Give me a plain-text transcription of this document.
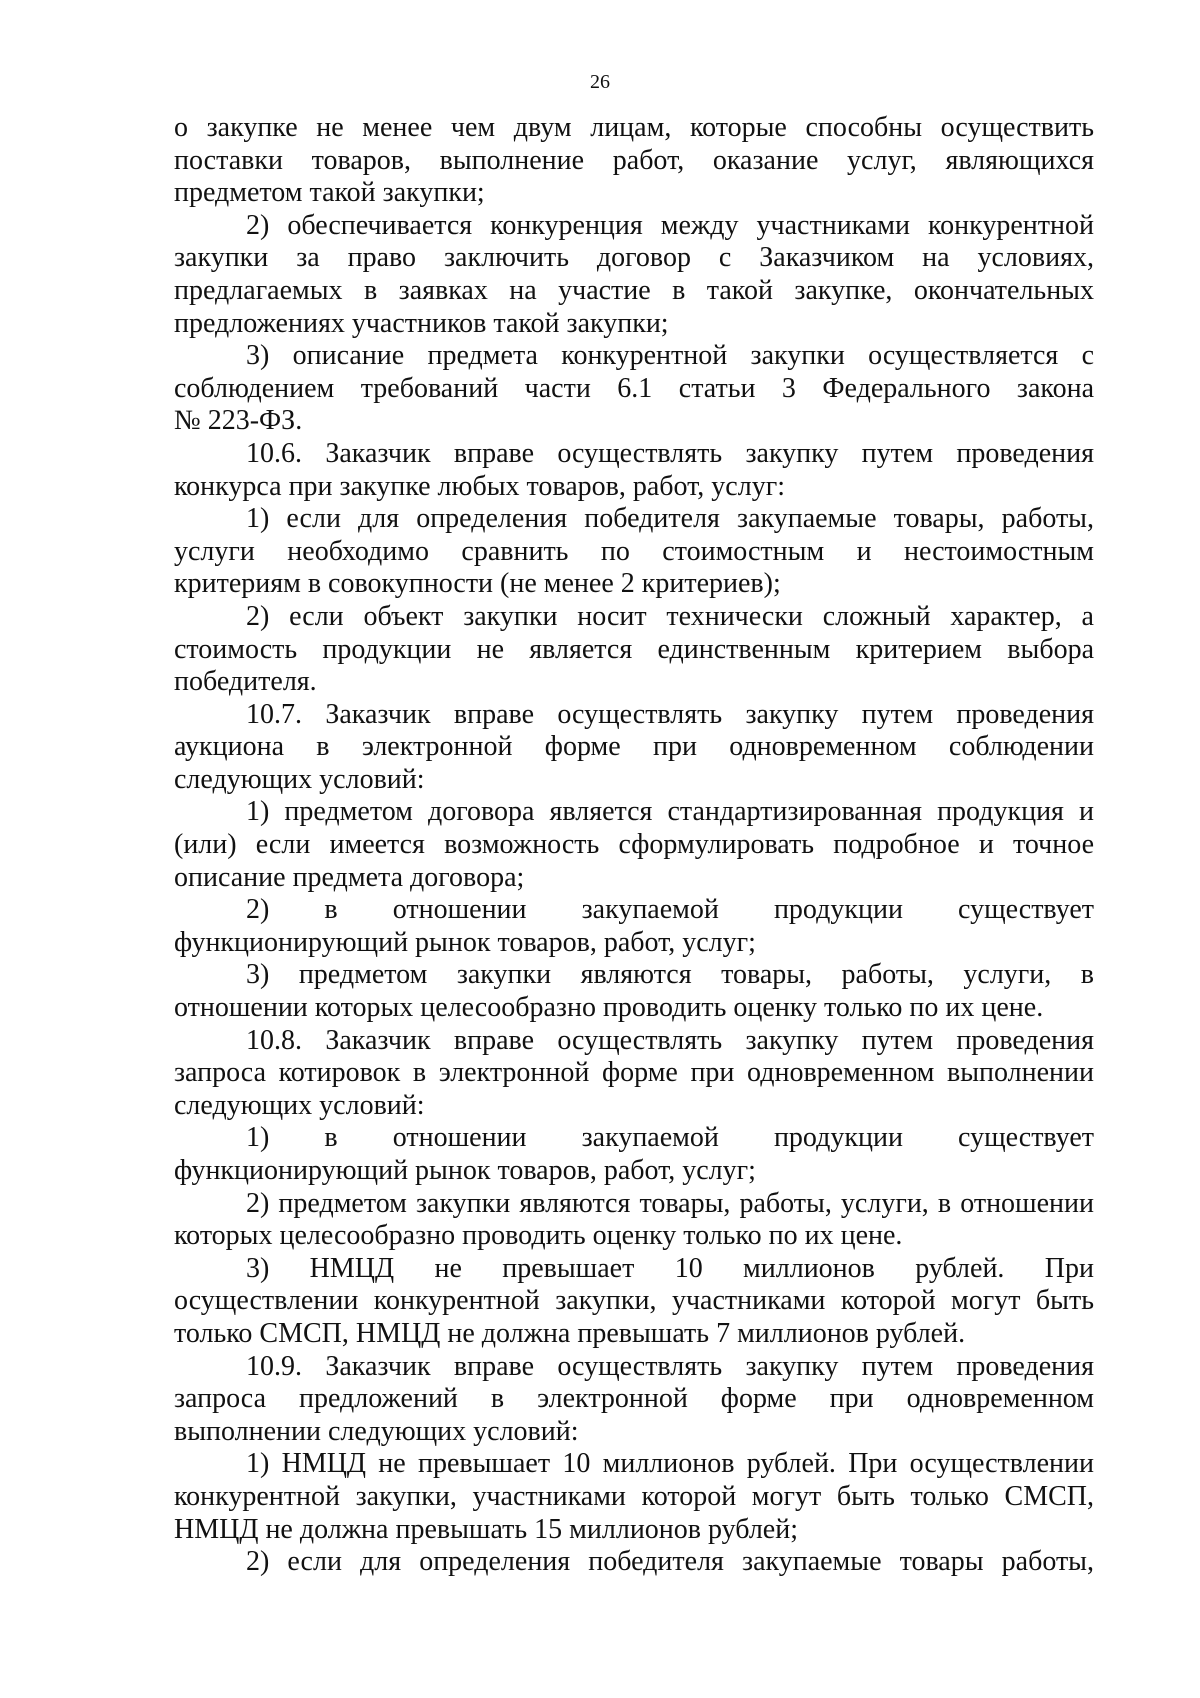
26
о закупке не менее чем двум лицам, которые способны осуществить
поставки товаров, выполнение работ, оказание услуг, являющихся
предметом такой закупки;
2) обеспечивается конкуренция между участниками конкурентной
закупки за право заключить договор с Заказчиком на условиях,
предлагаемых в заявках на участие в такой закупке, окончательных
предложениях участников такой закупки;
3) описание предмета конкурентной закупки осуществляется с
соблюдением требований части 6.1 статьи 3 Федерального закона
№ 223-ФЗ.
10.6. Заказчик вправе осуществлять закупку путем проведения
конкурса при закупке любых товаров, работ, услуг:
1) если для определения победителя закупаемые товары, работы,
услуги необходимо сравнить по стоимостным и нестоимостным
критериям в совокупности (не менее 2 критериев);
2) если объект закупки носит технически сложный характер, а
стоимость продукции не является единственным критерием выбора
победителя.
10.7. Заказчик вправе осуществлять закупку путем проведения
аукциона в электронной форме при одновременном соблюдении
следующих условий:
1) предметом договора является стандартизированная продукция и
(или) если имеется возможность сформулировать подробное и точное
описание предмета договора;
2) в отношении закупаемой продукции существует
функционирующий рынок товаров, работ, услуг;
3) предметом закупки являются товары, работы, услуги, в
отношении которых целесообразно проводить оценку только по их цене.
10.8. Заказчик вправе осуществлять закупку путем проведения
запроса котировок в электронной форме при одновременном выполнении
следующих условий:
1) в отношении закупаемой продукции существует
функционирующий рынок товаров, работ, услуг;
2) предметом закупки являются товары, работы, услуги, в отношении
которых целесообразно проводить оценку только по их цене.
3) НМЦД не превышает 10 миллионов рублей. При
осуществлении конкурентной закупки, участниками которой могут быть
только СМСП, НМЦД не должна превышать 7 миллионов рублей.
10.9. Заказчик вправе осуществлять закупку путем проведения
запроса предложений в электронной форме при одновременном
выполнении следующих условий:
1) НМЦД не превышает 10 миллионов рублей. При осуществлении
конкурентной закупки, участниками которой могут быть только СМСП,
НМЦД не должна превышать 15 миллионов рублей;
2) если для определения победителя закупаемые товары работы,
